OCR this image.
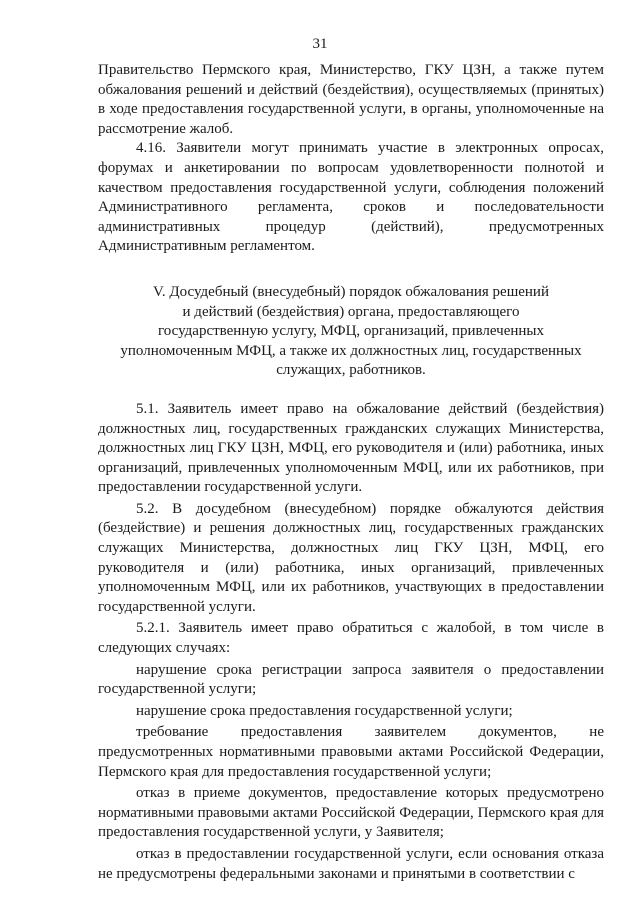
31

Правительство Пермского края, Министерство, ГКУ ЦЗН, а также путем обжалования решений и действий (бездействия), осуществляемых (принятых) в ходе предоставления государственной услуги, в органы, уполномоченные на рассмотрение жалоб.

4.16. Заявители могут принимать участие в электронных опросах, форумах и анкетировании по вопросам удовлетворенности полнотой и качеством предоставления государственной услуги, соблюдения положений Административного регламента, сроков и последовательности административных процедур (действий), предусмотренных Административным регламентом.

V. Досудебный (внесудебный) порядок обжалования решений
и действий (бездействия) органа, предоставляющего
государственную услугу, МФЦ, организаций, привлеченных
уполномоченным МФЦ, а также их должностных лиц, государственных
служащих, работников.

5.1. Заявитель имеет право на обжалование действий (бездействия) должностных лиц, государственных гражданских служащих Министерства, должностных лиц ГКУ ЦЗН, МФЦ, его руководителя и (или) работника, иных организаций, привлеченных уполномоченным МФЦ, или их работников, при предоставлении государственной услуги.

5.2. В досудебном (внесудебном) порядке обжалуются действия (бездействие) и решения должностных лиц, государственных гражданских служащих Министерства, должностных лиц ГКУ ЦЗН, МФЦ, его руководителя и (или) работника, иных организаций, привлеченных уполномоченным МФЦ, или их работников, участвующих в предоставлении государственной услуги.

5.2.1. Заявитель имеет право обратиться с жалобой, в том числе в следующих случаях:

нарушение срока регистрации запроса заявителя о предоставлении государственной услуги;

нарушение срока предоставления государственной услуги;

требование предоставления заявителем документов, не предусмотренных нормативными правовыми актами Российской Федерации, Пермского края для предоставления государственной услуги;

отказ в приеме документов, предоставление которых предусмотрено нормативными правовыми актами Российской Федерации, Пермского края для предоставления государственной услуги, у Заявителя;

отказ в предоставлении государственной услуги, если основания отказа не предусмотрены федеральными законами и принятыми в соответствии с
